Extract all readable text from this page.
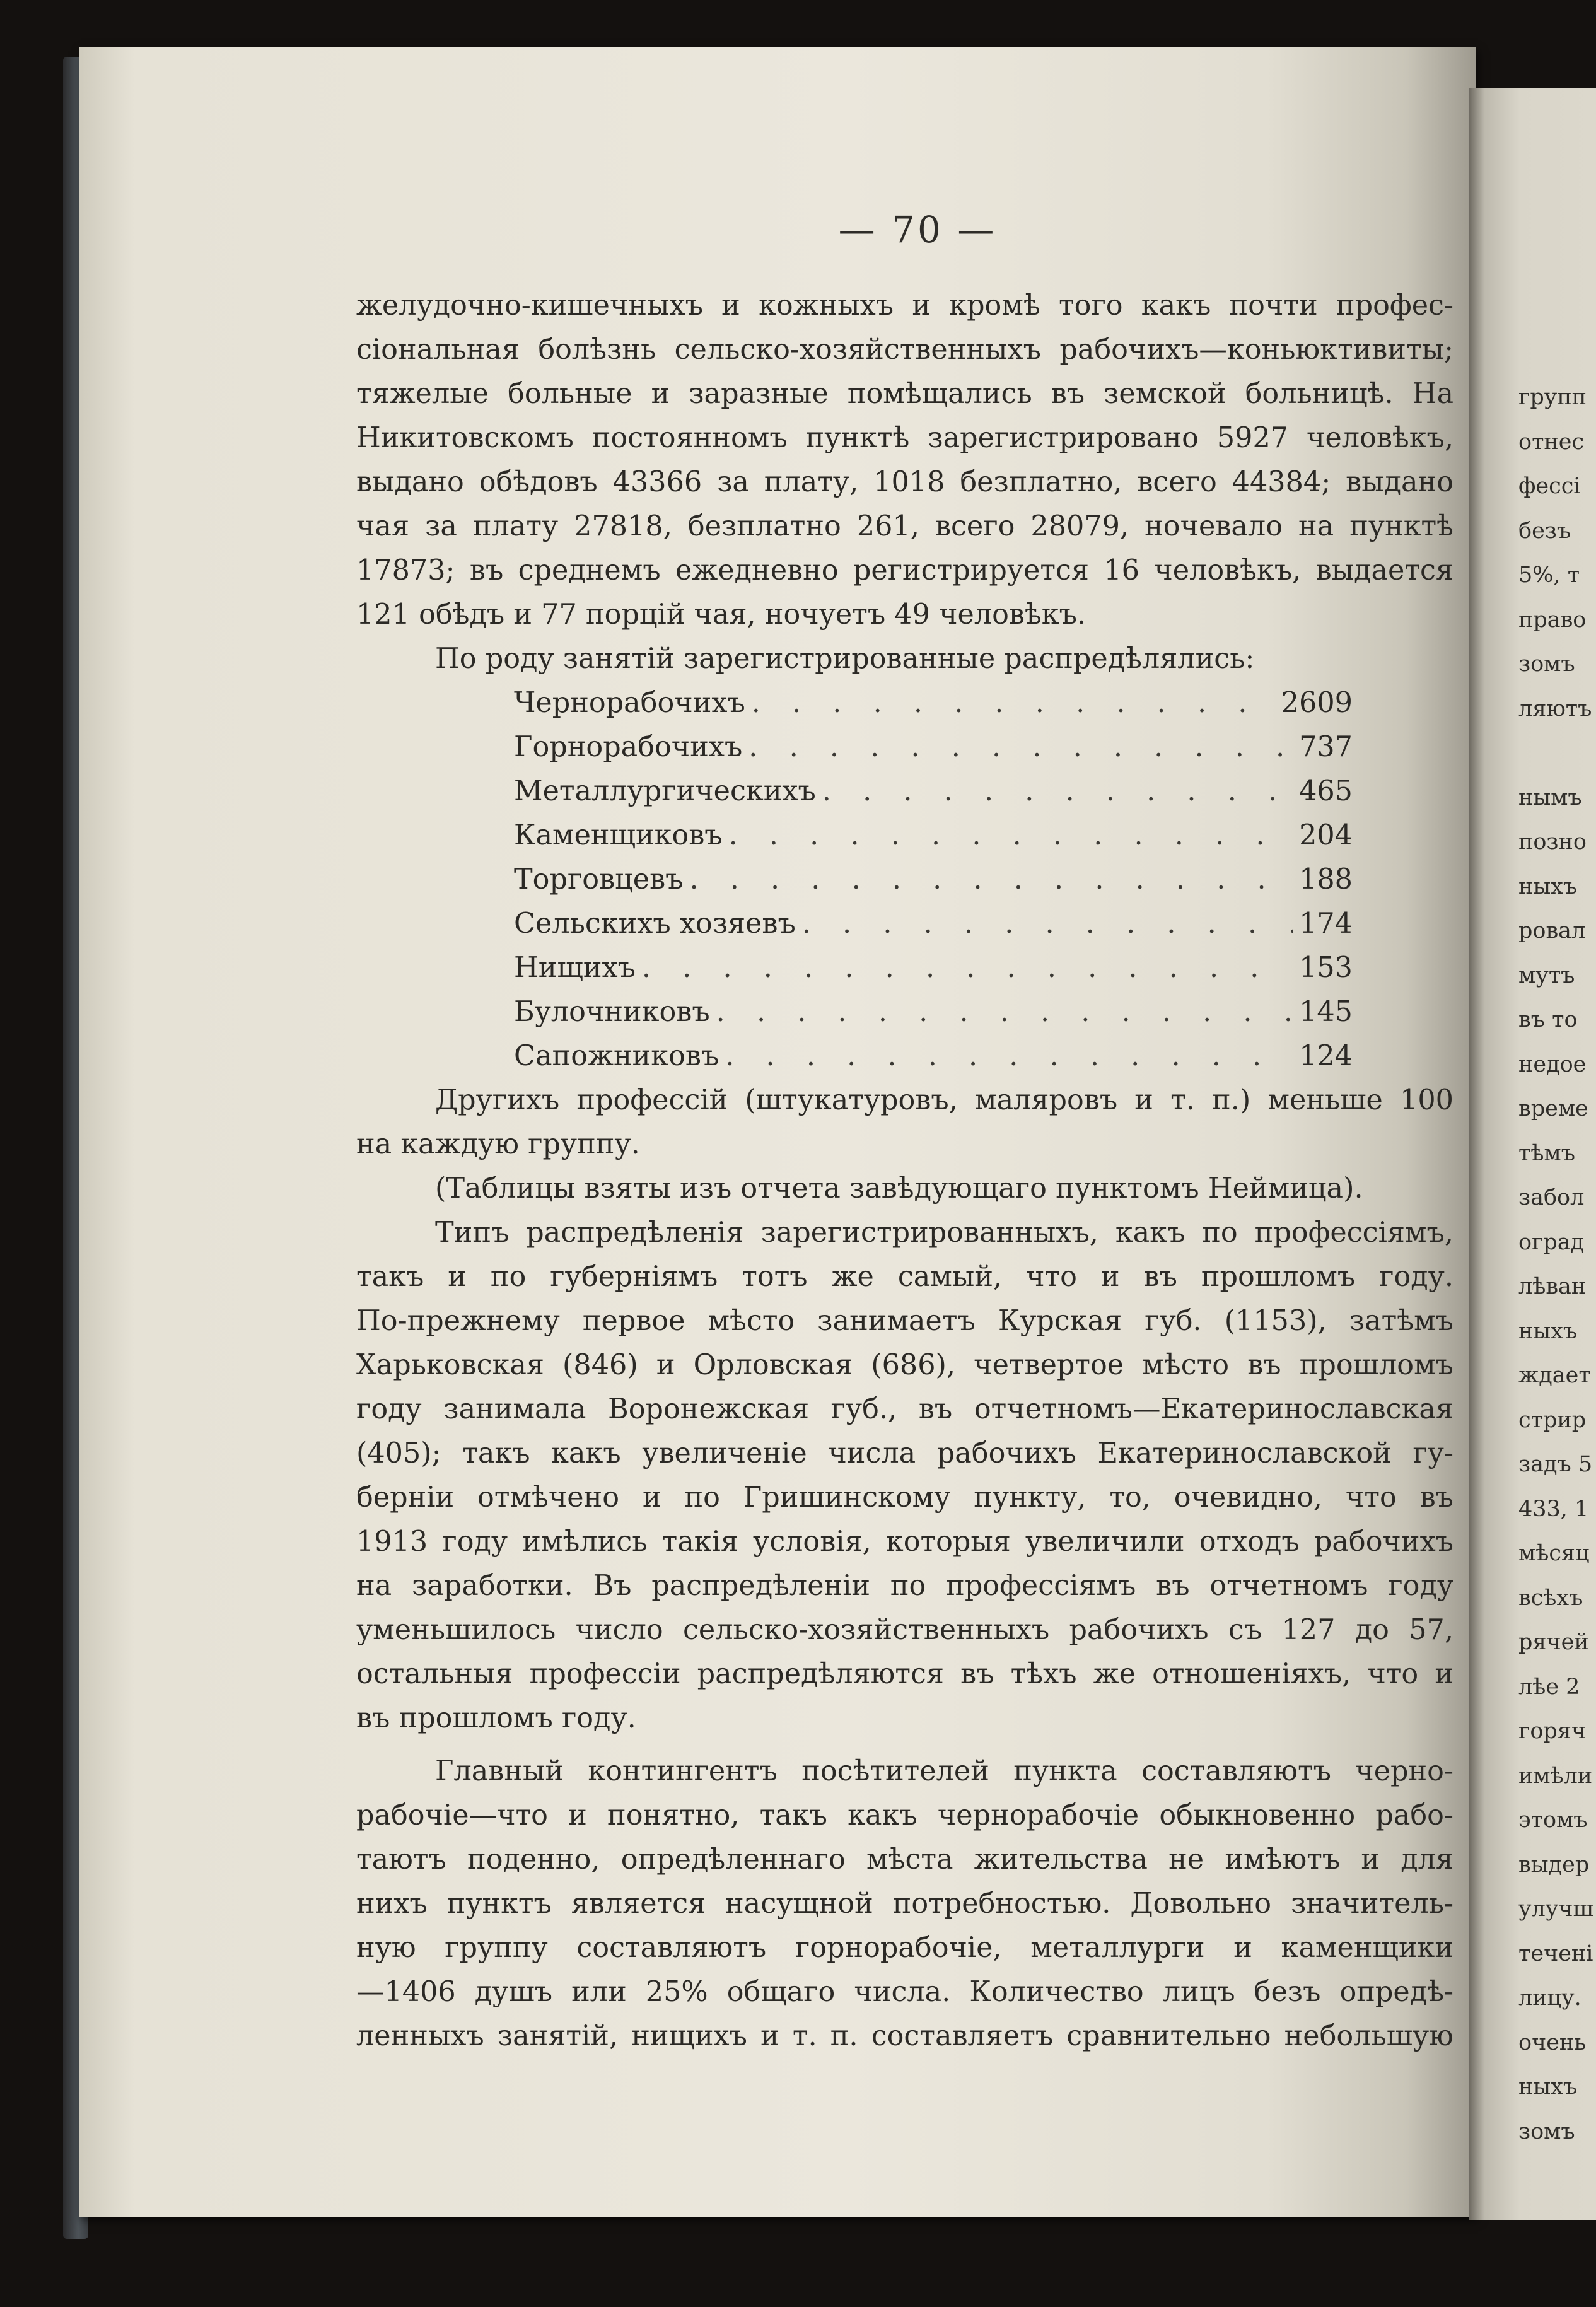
групп
отнес
фессі
безъ
5%, т
право
зомъ
ляютъ
нымъ
позно
ныхъ
ровал
мутъ
въ то
недое
време
тѣмъ
забол
оград
лѣван
ныхъ
ждает
стрир
задъ 5
433, 1
мѣсяц
всѣхъ
рячей
лѣе 2
горяч
имѣли
этомъ
выдер
улучш
течені
лицу.
очень
ныхъ
зомъ
— 70 —
желудочно-кишечныхъ и кожныхъ и кромѣ того какъ почти профес-
сіональная болѣзнь сельско-хозяйственныхъ рабочихъ—коньюктивиты;
тяжелые больные и заразные помѣщались въ земской больницѣ. На
Никитовскомъ постоянномъ пунктѣ зарегистрировано 5927 человѣкъ,
выдано обѣдовъ 43366 за плату, 1018 безплатно, всего 44384; выдано
чая за плату 27818, безплатно 261, всего 28079, ночевало на пунктѣ
17873; въ среднемъ ежедневно регистрируется 16 человѣкъ, выдается
121 обѣдъ и 77 порцій чая, ночуетъ 49 человѣкъ.
По роду занятій зарегистрированные распредѣлялись:
Чернорабочихъ . . .	2609
Горнорабочихъ . . .	737
Металлургическихъ . . .	465
Каменщиковъ . . .	204
Торговцевъ . . .	188
Сельскихъ хозяевъ . . .	174
Нищихъ . . .	153
Булочниковъ . . .	145
Сапожниковъ . . .	124
Другихъ профессій (штукатуровъ, маляровъ и т. п.) меньше 100
на каждую группу.
(Таблицы взяты изъ отчета завѣдующаго пунктомъ Неймица).
Типъ распредѣленія зарегистрированныхъ, какъ по профессіямъ,
такъ и по губерніямъ тотъ же самый, что и въ прошломъ году.
По-прежнему первое мѣсто занимаетъ Курская губ. (1153), затѣмъ
Харьковская (846) и Орловская (686), четвертое мѣсто въ прошломъ
году занимала Воронежская губ., въ отчетномъ—Екатеринославская
(405); такъ какъ увеличеніе числа рабочихъ Екатеринославской гу-
берніи отмѣчено и по Гришинскому пункту, то, очевидно, что въ
1913 году имѣлись такія условія, которыя увеличили отходъ рабочихъ
на заработки. Въ распредѣленіи по профессіямъ въ отчетномъ году
уменьшилось число сельско-хозяйственныхъ рабочихъ съ 127 до 57,
остальныя профессіи распредѣляются въ тѣхъ же отношеніяхъ, что и
въ прошломъ году.
Главный контингентъ посѣтителей пункта составляютъ черно-
рабочіе—что и понятно, такъ какъ чернорабочіе обыкновенно рабо-
таютъ поденно, опредѣленнаго мѣста жительства не имѣютъ и для
нихъ пунктъ является насущной потребностью. Довольно значитель-
ную группу составляютъ горнорабочіе, металлурги и каменщики
—1406 душъ или 25% общаго числа. Количество лицъ безъ опредѣ-
ленныхъ занятій, нищихъ и т. п. составляетъ сравнительно небольшую
